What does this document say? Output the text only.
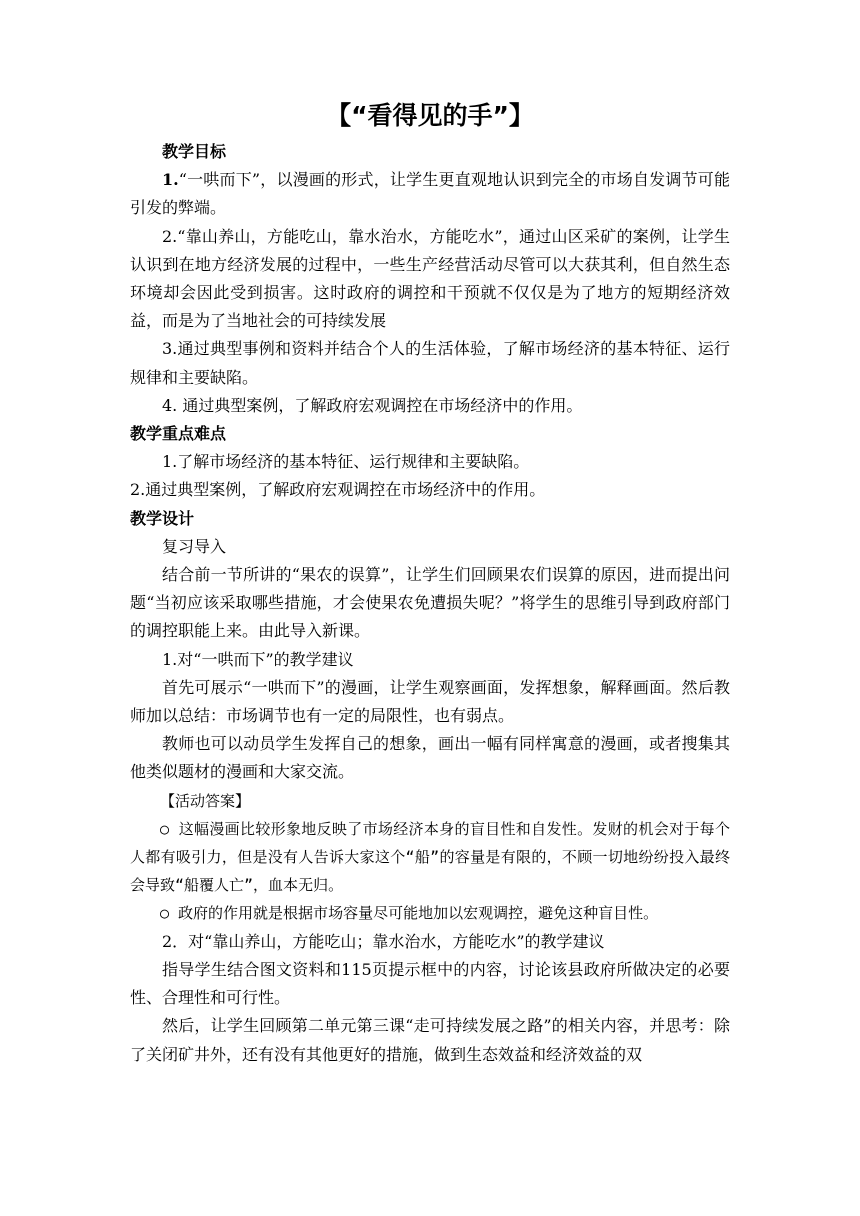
【“看得见的手”】

教学目标

1.“一哄而下”，以漫画的形式，让学生更直观地认识到完全的市场自发调节可能引发的弊端。

2.“靠山养山，方能吃山，靠水治水，方能吃水”，通过山区采矿的案例，让学生认识到在地方经济发展的过程中，一些生产经营活动尽管可以大获其利，但自然生态环境却会因此受到损害。这时政府的调控和干预就不仅仅是为了地方的短期经济效益，而是为了当地社会的可持续发展

3.通过典型事例和资料并结合个人的生活体验，了解市场经济的基本特征、运行规律和主要缺陷。

4. 通过典型案例，了解政府宏观调控在市场经济中的作用。

教学重点难点

1.了解市场经济的基本特征、运行规律和主要缺陷。

2.通过典型案例，了解政府宏观调控在市场经济中的作用。

教学设计

复习导入

结合前一节所讲的“果农的误算”，让学生们回顾果农们误算的原因，进而提出问题“当初应该采取哪些措施，才会使果农免遭损失呢？”将学生的思维引导到政府部门的调控职能上来。由此导入新课。

1.对“一哄而下”的教学建议

首先可展示“一哄而下”的漫画，让学生观察画面，发挥想象，解释画面。然后教师加以总结：市场调节也有一定的局限性，也有弱点。

教师也可以动员学生发挥自己的想象，画出一幅有同样寓意的漫画，或者搜集其他类似题材的漫画和大家交流。

【活动答案】

○ 这幅漫画比较形象地反映了市场经济本身的盲目性和自发性。发财的机会对于每个人都有吸引力，但是没有人告诉大家这个“船”的容量是有限的，不顾一切地纷纷投入最终会导致“船覆人亡”，血本无归。

○ 政府的作用就是根据市场容量尽可能地加以宏观调控，避免这种盲目性。

2．对“靠山养山，方能吃山；靠水治水，方能吃水”的教学建议

指导学生结合图文资料和115页提示框中的内容，讨论该县政府所做决定的必要性、合理性和可行性。

然后，让学生回顾第二单元第三课“走可持续发展之路”的相关内容，并思考：除了关闭矿井外，还有没有其他更好的措施，做到生态效益和经济效益的双
